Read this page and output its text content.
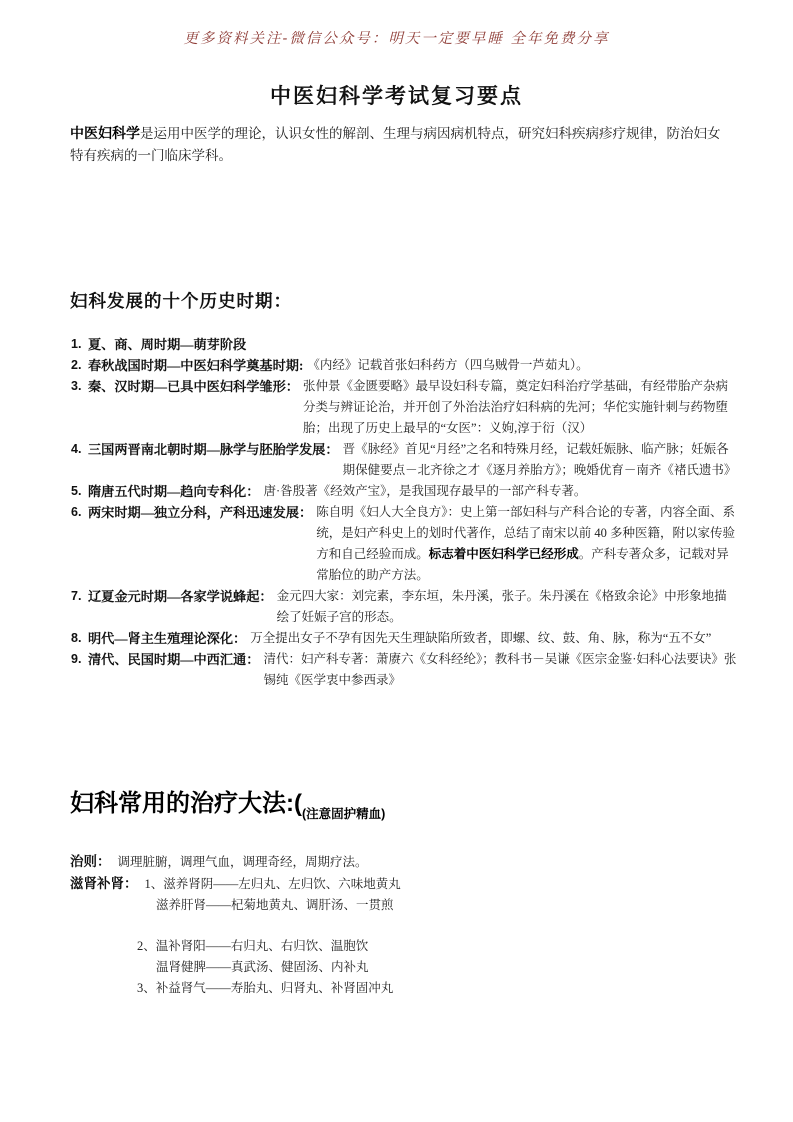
更多资料关注-微信公众号：明天一定要早睡 全年免费分享
中医妇科学考试复习要点

中医妇科学是运用中医学的理论，认识女性的解剖、生理与病因病机特点，研究妇科疾病疹疗规律，防治妇女特有疾病的一门临床学科。

妇科发展的十个历史时期：
1. 夏、商、周时期—萌芽阶段
2. 春秋战国时期—中医妇科学奠基时期: 《内经》记载首张妇科药方（四乌贼骨一芦茹丸）。
3. 秦、汉时期—已具中医妇科学雏形： 张仲景《金匮要略》最早设妇科专篇，奠定妇科治疗学基础，有经带胎产杂病分类与辨证论治，并开创了外治法治疗妇科病的先河；华佗实施针刺与药物堕胎；出现了历史上最早的“女医”：义姁,淳于衍（汉）
4. 三国两晋南北朝时期—脉学与胚胎学发展： 晋《脉经》首见“月经”之名和特殊月经，记载妊娠脉、临产脉；妊娠各期保健要点－北齐徐之才《逐月养胎方》；晚婚优育－南齐《褚氏遗书》
5. 隋唐五代时期—趋向专科化： 唐·昝殷著《经效产宝》，是我国现存最早的一部产科专著。
6. 两宋时期—独立分科，产科迅速发展： 陈自明《妇人大全良方》：史上第一部妇科与产科合论的专著，内容全面、系统，是妇产科史上的划时代著作，总结了南宋以前 40 多种医籍，附以家传验方和自己经验而成。标志着中医妇科学已经形成。产科专著众多，记载对异常胎位的助产方法。
7. 辽夏金元时期—各家学说蜂起： 金元四大家：刘完素，李东垣，朱丹溪，张子。朱丹溪在《格致余论》中形象地描绘了妊娠子宫的形态。
8. 明代—肾主生殖理论深化： 万全提出女子不孕有因先天生理缺陷所致者，即螺、纹、鼓、角、脉，称为“五不女”
9. 清代、民国时期—中西汇通： 清代：妇产科专著：萧赓六《女科经纶》；教科书－吴谦《医宗金鉴·妇科心法要诀》张锡纯《医学衷中参西录》
妇科常用的治疗大法$:(_{(注意固护精血)}$
治则： 调理脏腑，调理气血，调理奇经，周期疗法。
滋肾补肾： 1、滋养肾阴——左归丸、左归饮、六味地黄丸
滋养肝肾——杞菊地黄丸、调肝汤、一贯煎
2、温补肾阳——右归丸、右归饮、温胞饮
温肾健脾——真武汤、健固汤、内补丸
3、补益肾气——寿胎丸、归肾丸、补肾固冲丸
